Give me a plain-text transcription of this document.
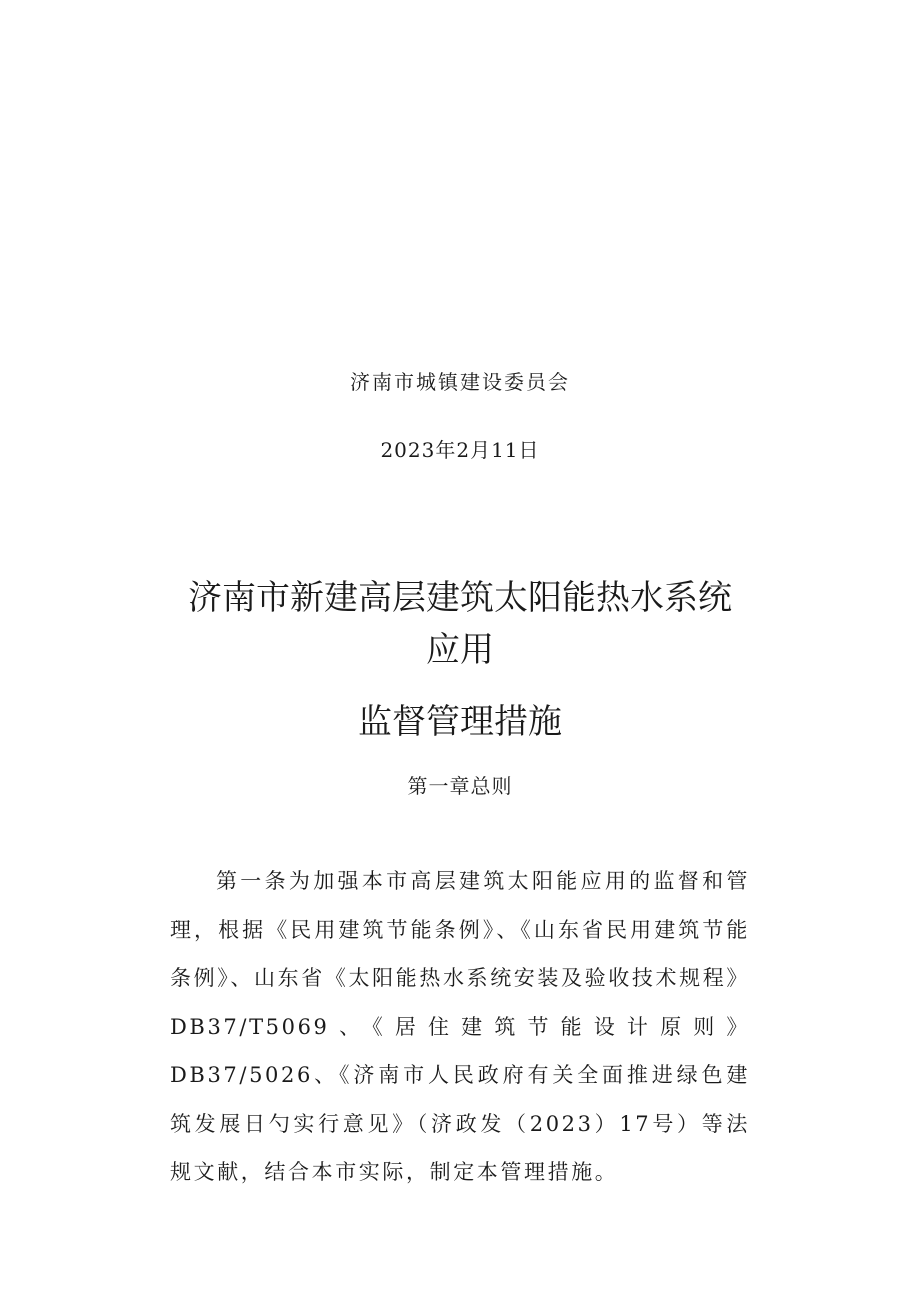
济南市城镇建设委员会
2023年2月11日
济南市新建高层建筑太阳能热水系统
应用
监督管理措施
第一章总则

第一条为加强本市高层建筑太阳能应用的监督和管理，根据《民用建筑节能条例》、《山东省民用建筑节能条例》、山东省《太阳能热水系统安装及验收技术规程》DB37/T5069、《居住建筑节能设计原则》DB37/5026、《济南市人民政府有关全面推进绿色建筑发展日勺实行意见》（济政发（2023）17号）等法规文献，结合本市实际，制定本管理措施。
